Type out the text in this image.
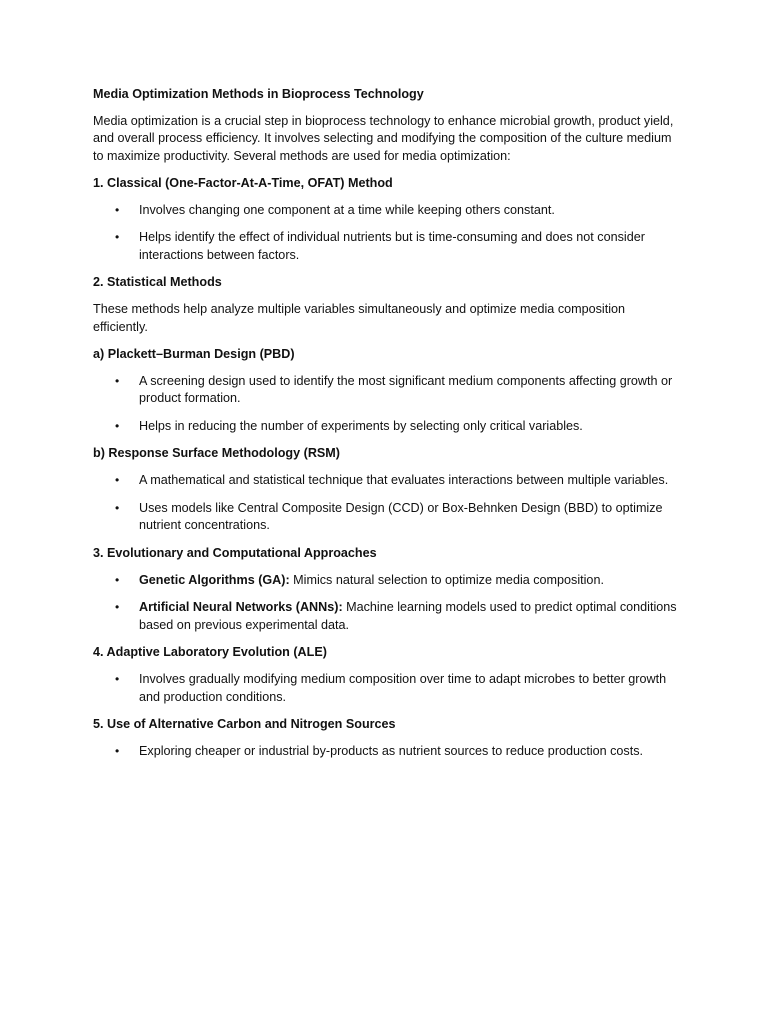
Media Optimization Methods in Bioprocess Technology
Media optimization is a crucial step in bioprocess technology to enhance microbial growth, product yield, and overall process efficiency. It involves selecting and modifying the composition of the culture medium to maximize productivity. Several methods are used for media optimization:
1. Classical (One-Factor-At-A-Time, OFAT) Method
• Involves changing one component at a time while keeping others constant.
• Helps identify the effect of individual nutrients but is time-consuming and does not consider interactions between factors.
2. Statistical Methods
These methods help analyze multiple variables simultaneously and optimize media composition efficiently.
a) Plackett–Burman Design (PBD)
• A screening design used to identify the most significant medium components affecting growth or product formation.
• Helps in reducing the number of experiments by selecting only critical variables.
b) Response Surface Methodology (RSM)
• A mathematical and statistical technique that evaluates interactions between multiple variables.
• Uses models like Central Composite Design (CCD) or Box-Behnken Design (BBD) to optimize nutrient concentrations.
3. Evolutionary and Computational Approaches
• Genetic Algorithms (GA): Mimics natural selection to optimize media composition.
• Artificial Neural Networks (ANNs): Machine learning models used to predict optimal conditions based on previous experimental data.
4. Adaptive Laboratory Evolution (ALE)
• Involves gradually modifying medium composition over time to adapt microbes to better growth and production conditions.
5. Use of Alternative Carbon and Nitrogen Sources
• Exploring cheaper or industrial by-products as nutrient sources to reduce production costs.
